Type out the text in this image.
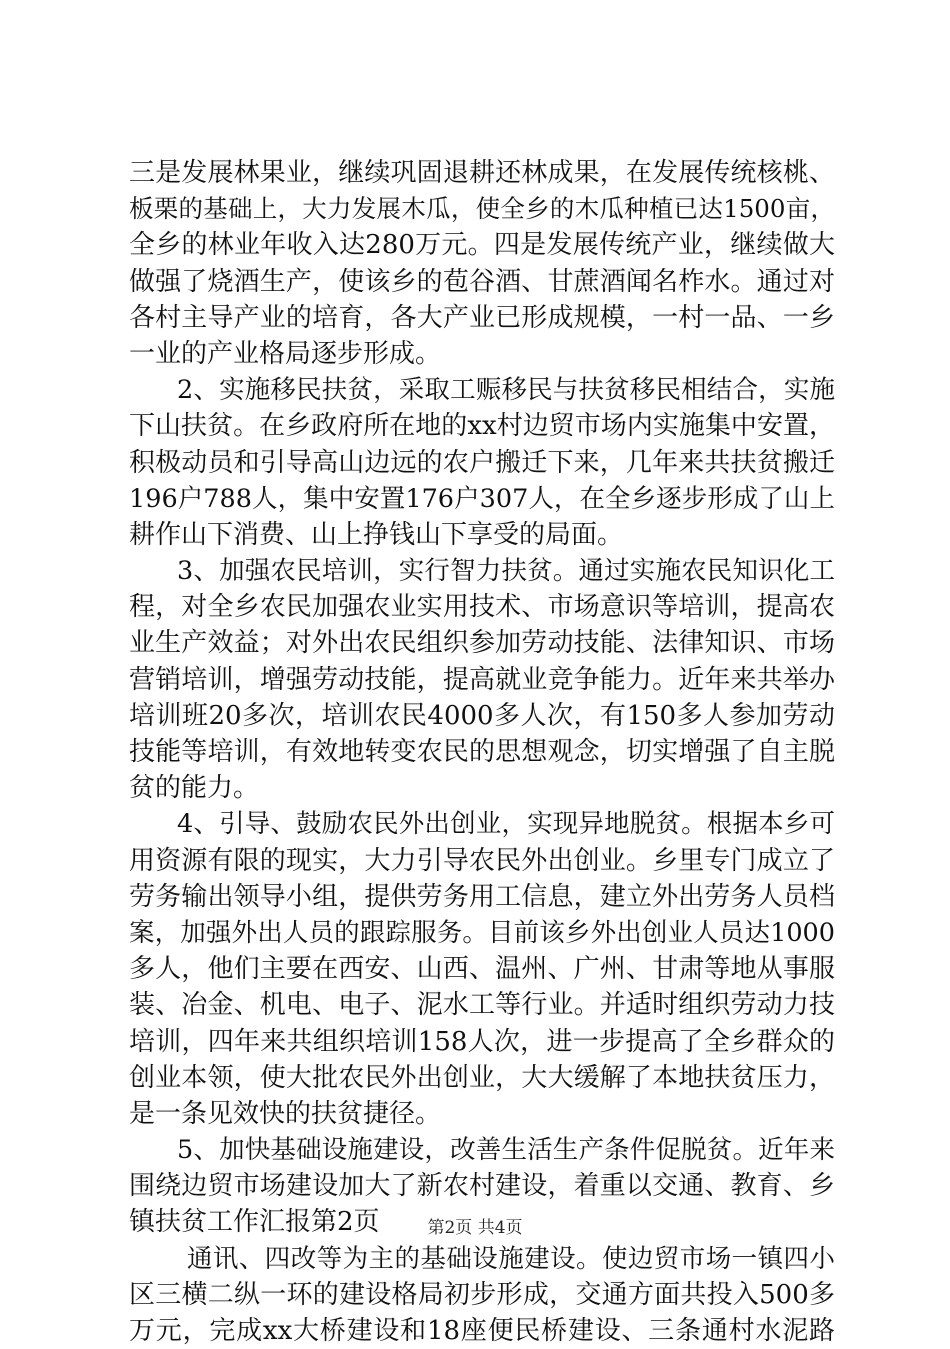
三是发展林果业，继续巩固退耕还林成果，在发展传统核桃、
板栗的基础上，大力发展木瓜，使全乡的木瓜种植已达1500亩，
全乡的林业年收入达280万元。四是发展传统产业，继续做大
做强了烧酒生产，使该乡的苞谷酒、甘蔗酒闻名柞水。通过对
各村主导产业的培育，各大产业已形成规模，一村一品、一乡
一业的产业格局逐步形成。
2、实施移民扶贫，采取工赈移民与扶贫移民相结合，实施
下山扶贫。在乡政府所在地的xx村边贸市场内实施集中安置，
积极动员和引导高山边远的农户搬迁下来，几年来共扶贫搬迁
196户788人，集中安置176户307人，在全乡逐步形成了山上
耕作山下消费、山上挣钱山下享受的局面。
3、加强农民培训，实行智力扶贫。通过实施农民知识化工
程，对全乡农民加强农业实用技术、市场意识等培训，提高农
业生产效益；对外出农民组织参加劳动技能、法律知识、市场
营销培训，增强劳动技能，提高就业竞争能力。近年来共举办
培训班20多次，培训农民4000多人次，有150多人参加劳动
技能等培训，有效地转变农民的思想观念，切实增强了自主脱
贫的能力。
4、引导、鼓励农民外出创业，实现异地脱贫。根据本乡可
用资源有限的现实，大力引导农民外出创业。乡里专门成立了
劳务输出领导小组，提供劳务用工信息，建立外出劳务人员档
案，加强外出人员的跟踪服务。目前该乡外出创业人员达1000
多人，他们主要在西安、山西、温州、广州、甘肃等地从事服
装、冶金、机电、电子、泥水工等行业。并适时组织劳动力技
培训，四年来共组织培训158人次，进一步提高了全乡群众的
创业本领，使大批农民外出创业，大大缓解了本地扶贫压力，
是一条见效快的扶贫捷径。
5、加快基础设施建设，改善生活生产条件促脱贫。近年来
围绕边贸市场建设加大了新农村建设，着重以交通、教育、乡
镇扶贫工作汇报第2页
通讯、四改等为主的基础设施建设。使边贸市场一镇四小
区三横二纵一环的建设格局初步形成，交通方面共投入500多
万元，完成xx大桥建设和18座便民桥建设、三条通村水泥路
第2页 共4页
